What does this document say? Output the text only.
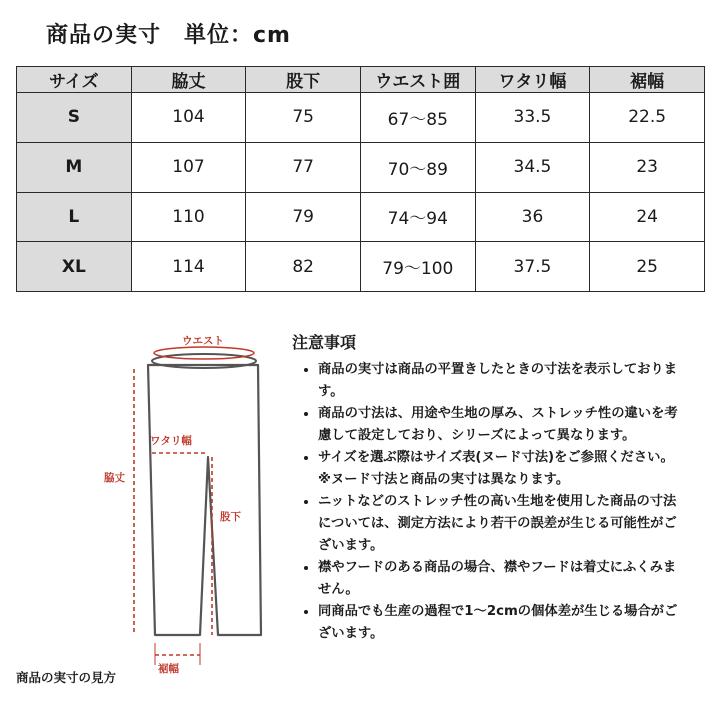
商品の実寸　単位：cm
サイズ	脇丈	股下	ウエスト囲	ワタリ幅	裾幅
S	104	75	67〜85	33.5	22.5
M	107	77	70〜89	34.5	23
L	110	79	74〜94	36	24
XL	114	82	79〜100	37.5	25
ウエスト
ワタリ幅
脇丈
股下
裾幅
商品の実寸の見方
注意事項
• 商品の実寸は商品の平置きしたときの寸法を表示しております。
• 商品の寸法は、用途や生地の厚み、ストレッチ性の違いを考慮して設定しており、シリーズによって異なります。
• サイズを選ぶ際はサイズ表(ヌード寸法)をご参照ください。※ヌード寸法と商品の実寸は異なります。
• ニットなどのストレッチ性の高い生地を使用した商品の寸法については、測定方法により若干の誤差が生じる可能性がございます。
• 襟やフードのある商品の場合、襟やフードは着丈にふくみません。
• 同商品でも生産の過程で1〜2cmの個体差が生じる場合がございます。
